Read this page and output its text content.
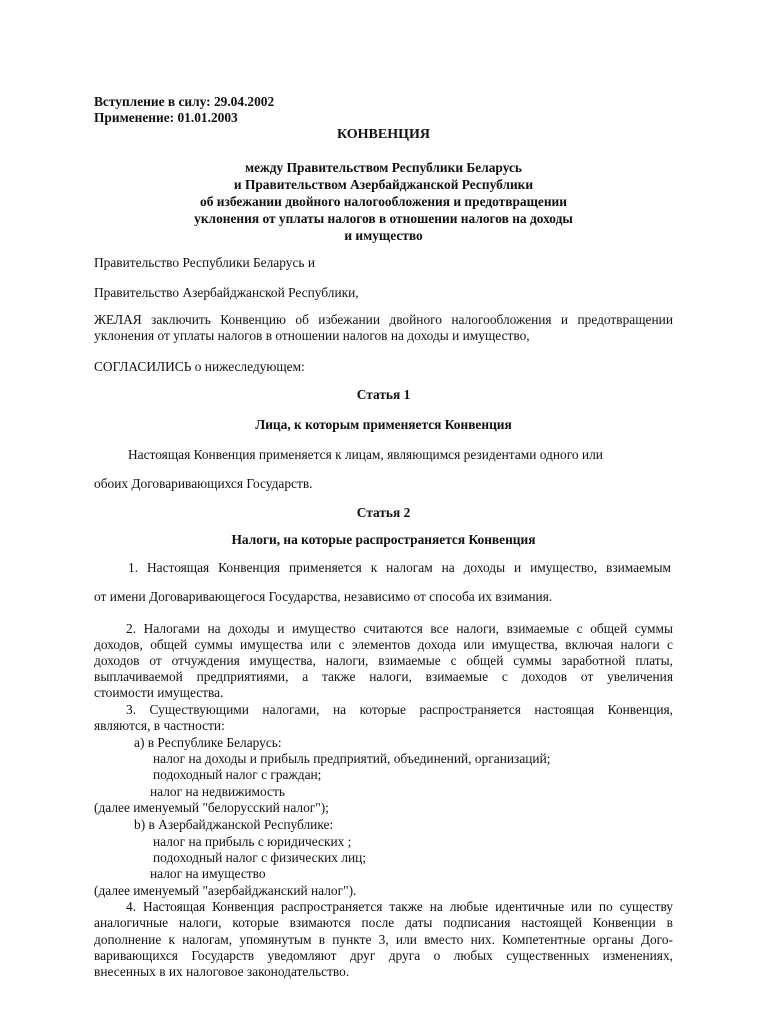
Вступление в силу: 29.04.2002
Применение: 01.01.2003
КОНВЕНЦИЯ
между Правительством Республики Беларусь
и Правительством Азербайджанской Республики
об избежании двойного налогообложения и предотвращении
уклонения от уплаты налогов в отношении налогов на доходы
и имущество
Правительство Республики Беларусь и
Правительство Азербайджанской Республики,
ЖЕЛАЯ заключить Конвенцию об избежании двойного налогообложения и предотвращении
уклонения от уплаты налогов в отношении налогов на доходы и имущество,
СОГЛАСИЛИСЬ о нижеследующем:
Статья 1
Лица, к которым применяется Конвенция
Настоящая Конвенция применяется к лицам, являющимся резидентами одного или
обоих Договаривающихся Государств.
Статья 2
Налоги, на которые распространяется Конвенция
1. Настоящая Конвенция применяется к налогам на доходы и имущество, взимаемым
от имени Договаривающегося Государства, независимо от способа их взимания.
2. Налогами на доходы и имущество считаются все налоги, взимаемые с общей суммы
доходов, общей суммы имущества или с элементов дохода или имущества, включая налоги с
доходов от отчуждения имущества, налоги, взимаемые с общей суммы заработной платы,
выплачиваемой предприятиями, а также налоги, взимаемые с доходов от увеличения
стоимости имущества.
3. Существующими налогами, на которые распространяется настоящая Конвенция,
являются, в частности:
а) в Республике Беларусь:
налог на доходы и прибыль предприятий, объединений, организаций;
подоходный налог с граждан;
налог на недвижимость
(далее именуемый "белорусский налог");
b) в Азербайджанской Республике:
налог на прибыль с юридических ;
подоходный налог с физических лиц;
налог на имущество
(далее именуемый "азербайджанский налог").
4. Настоящая Конвенция распространяется также на любые идентичные или по существу
аналогичные налоги, которые взимаются после даты подписания настоящей Конвенции в
дополнение к налогам, упомянутым в пункте 3, или вместо них. Компетентные органы Дого-
варивающихся Государств уведомляют друг друга о любых существенных изменениях,
внесенных в их налоговое законодательство.
